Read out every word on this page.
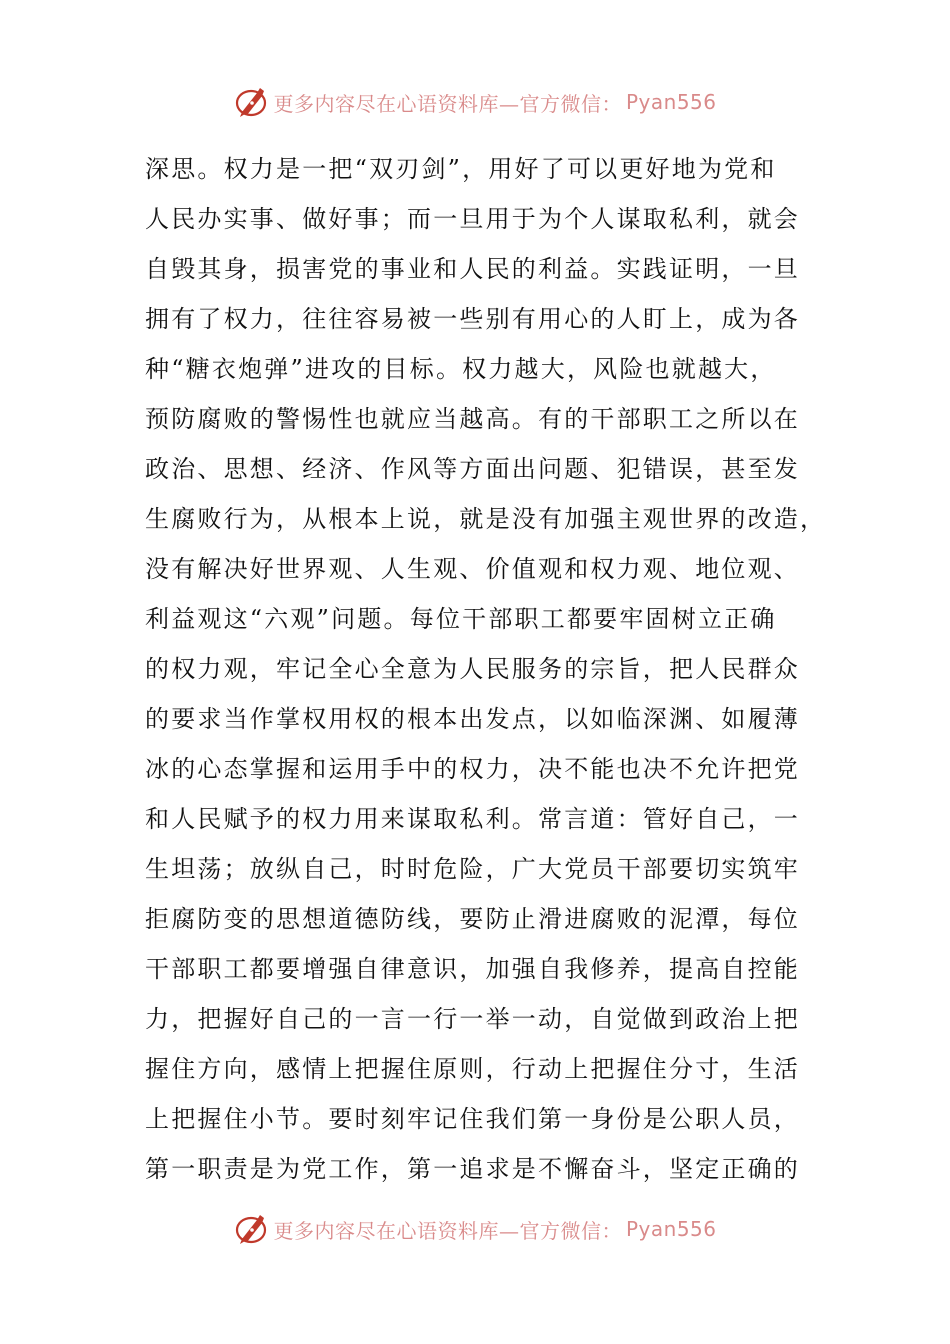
更多内容尽在心语资料库—官方微信： Pyan556
深思。权力是一把“双刃剑”，用好了可以更好地为党和
人民办实事、做好事；而一旦用于为个人谋取私利，就会
自毁其身，损害党的事业和人民的利益。实践证明，一旦
拥有了权力，往往容易被一些别有用心的人盯上，成为各
种“糖衣炮弹”进攻的目标。权力越大，风险也就越大，
预防腐败的警惕性也就应当越高。有的干部职工之所以在
政治、思想、经济、作风等方面出问题、犯错误，甚至发
生腐败行为，从根本上说，就是没有加强主观世界的改造，
没有解决好世界观、人生观、价值观和权力观、地位观、
利益观这“六观”问题。每位干部职工都要牢固树立正确
的权力观，牢记全心全意为人民服务的宗旨，把人民群众
的要求当作掌权用权的根本出发点，以如临深渊、如履薄
冰的心态掌握和运用手中的权力，决不能也决不允许把党
和人民赋予的权力用来谋取私利。常言道：管好自己，一
生坦荡；放纵自己，时时危险，广大党员干部要切实筑牢
拒腐防变的思想道德防线，要防止滑进腐败的泥潭，每位
干部职工都要增强自律意识，加强自我修养，提高自控能
力，把握好自己的一言一行一举一动，自觉做到政治上把
握住方向，感情上把握住原则，行动上把握住分寸，生活
上把握住小节。要时刻牢记住我们第一身份是公职人员，
第一职责是为党工作，第一追求是不懈奋斗，坚定正确的
更多内容尽在心语资料库—官方微信： Pyan556
